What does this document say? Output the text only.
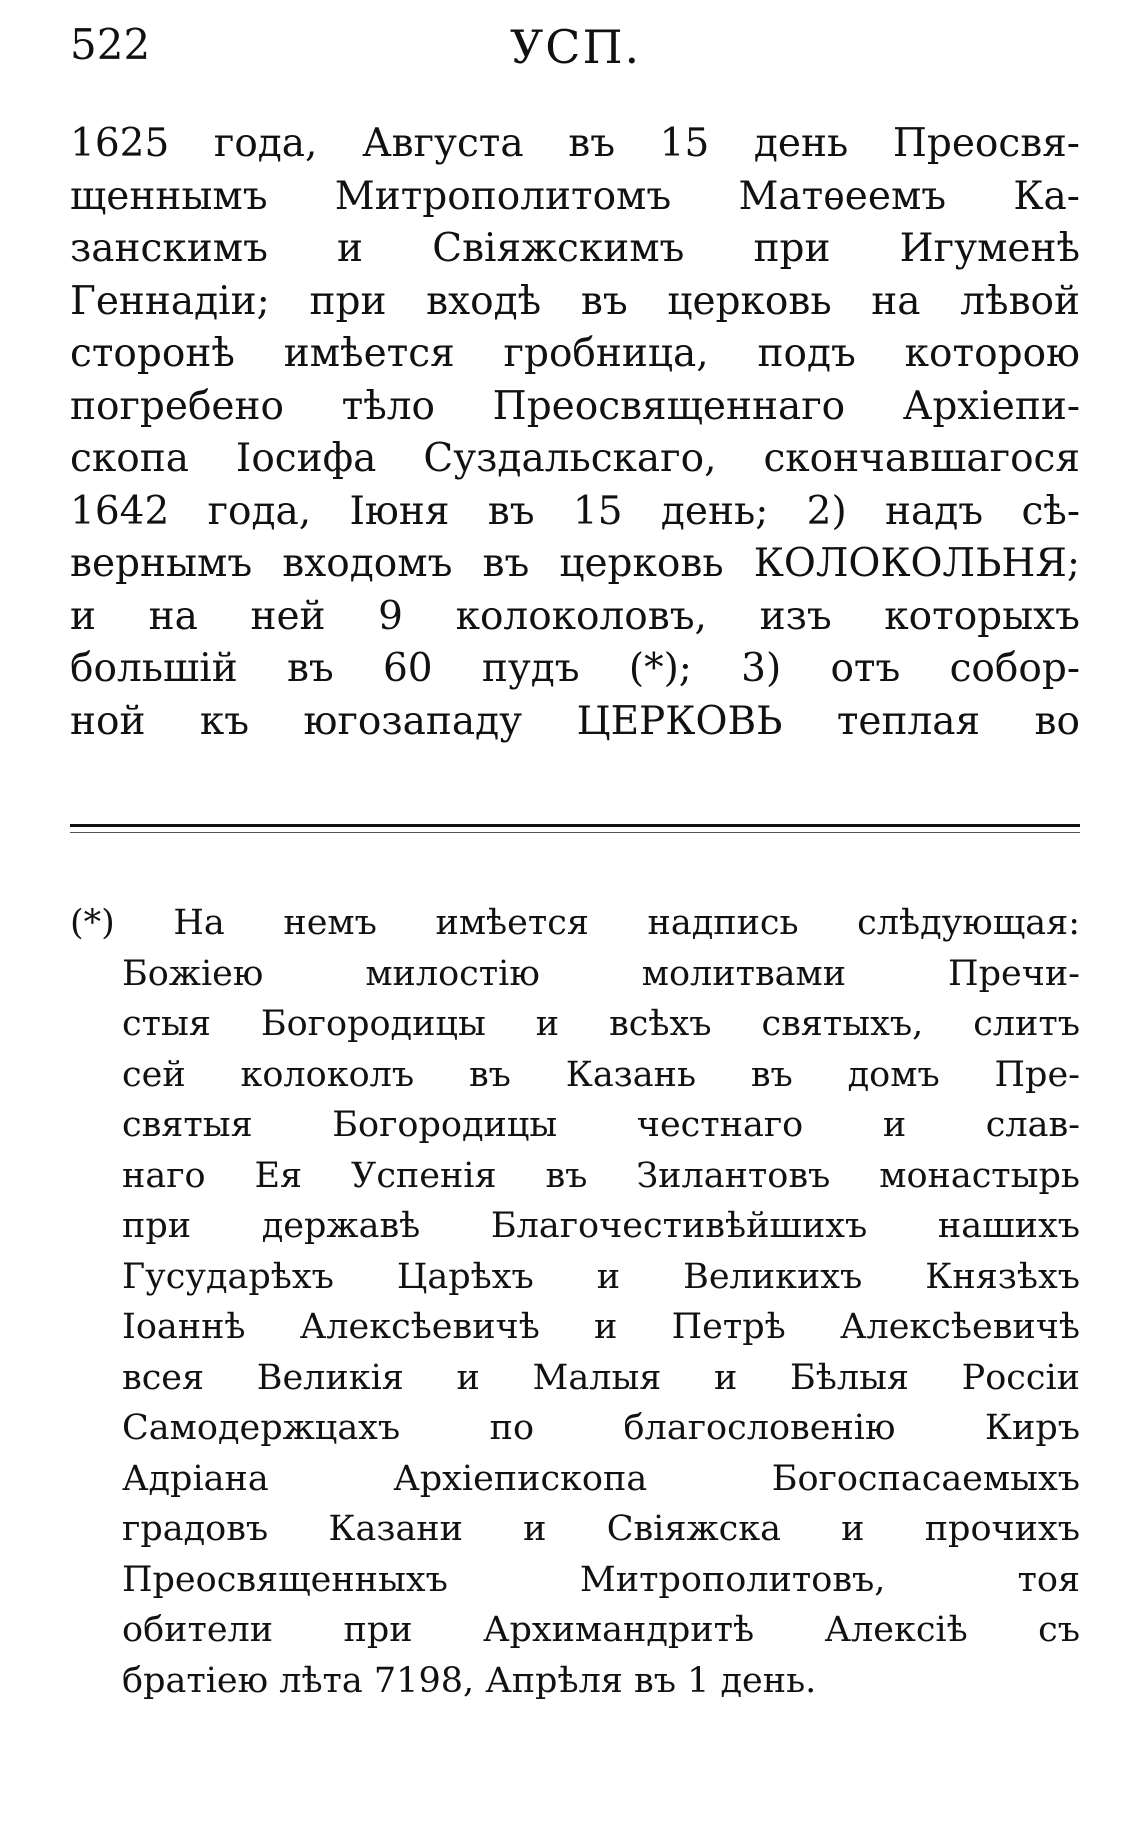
522	УСП.
1625 года, Августа въ 15 день Преосвя-
щеннымъ Митрополитомъ Матѳеемъ Ка-
занскимъ и Свіяжскимъ при Игуменѣ
Геннадіи; при входѣ въ церковь на лѣвой
сторонѣ имѣется гробница, подъ которою
погребено тѣло Преосвященнаго Архіепи-
скопа Іосифа Суздальскаго, скончавшагося
1642 года, Іюня въ 15 день; 2) надъ сѣ-
вернымъ входомъ въ церковь КОЛОКОЛЬНЯ;
и на ней 9 колоколовъ, изъ которыхъ
большій въ 60 пудъ (*); 3) отъ собор-
ной къ югозападу ЦЕРКОВЬ теплая во
(*) На немъ имѣется надпись слѣдующая:
Божіею милостію молитвами Пречи-
стыя Богородицы и всѣхъ святыхъ, слитъ
сей колоколъ въ Казань въ домъ Пре-
святыя Богородицы честнаго и слав-
наго Ея Успенія въ Зилантовъ монастырь
при державѣ Благочестивѣйшихъ нашихъ
Гусударѣхъ Царѣхъ и Великихъ Князѣхъ
Іоаннѣ Алексѣевичѣ и Петрѣ Алексѣевичѣ
всея Великія и Малыя и Бѣлыя Россіи
Самодержцахъ по благословенію Киръ
Адріана Архіепископа Богоспасаемыхъ
градовъ Казани и Свіяжска и прочихъ
Преосвященныхъ Митрополитовъ, тоя
обители при Архимандритѣ Алексіѣ съ
братіею лѣта 7198, Апрѣля въ 1 день.
